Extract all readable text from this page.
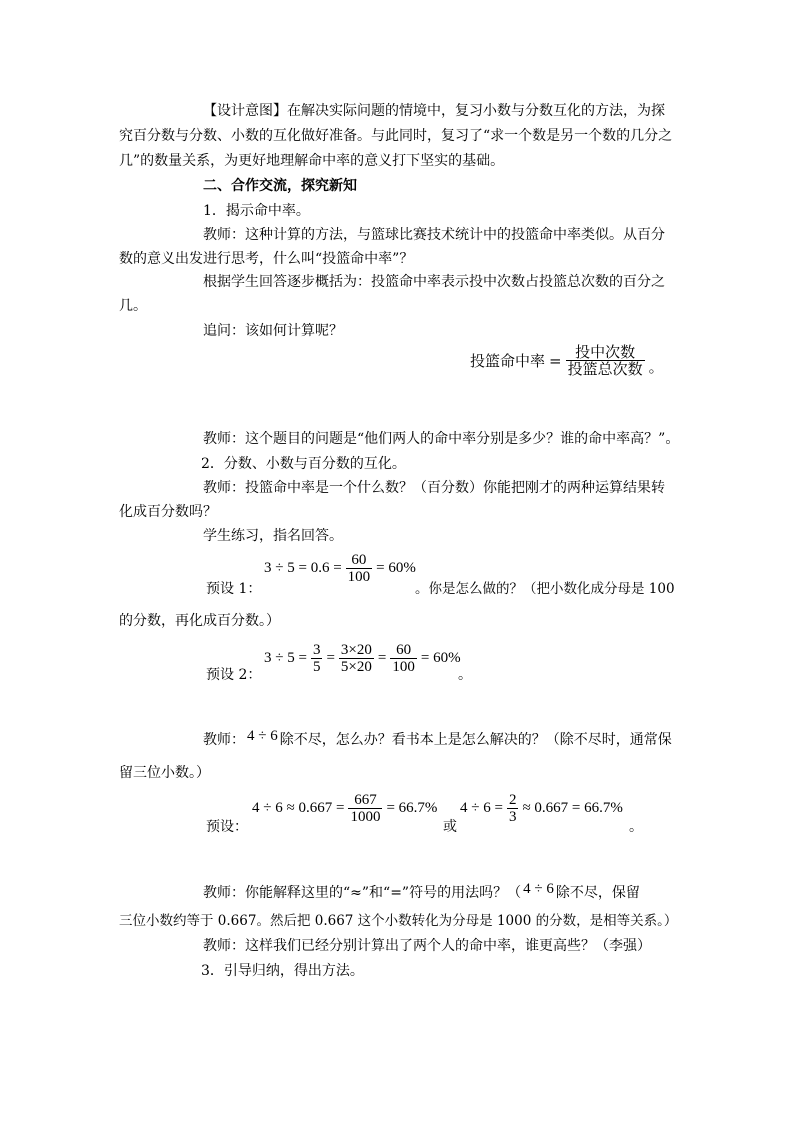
【设计意图】在解决实际问题的情境中，复习小数与分数互化的方法，为探
究百分数与分数、小数的互化做好准备。与此同时，复习了“求一个数是另一个数的几分之
几”的数量关系，为更好地理解命中率的意义打下坚实的基础。
二、合作交流，探究新知
1．揭示命中率。
教师：这种计算的方法，与篮球比赛技术统计中的投篮命中率类似。从百分
数的意义出发进行思考，什么叫“投篮命中率”？
根据学生回答逐步概括为：投篮命中率表示投中次数占投篮总次数的百分之
几。
追问：该如何计算呢？
投篮命中率 = $\frac{\text{投中次数}}{\text{投篮总次数}}$ 。
教师：这个题目的问题是“他们两人的命中率分别是多少？谁的命中率高？”。
2．分数、小数与百分数的互化。
教师：投篮命中率是一个什么数？（百分数）你能把刚才的两种运算结果转
化成百分数吗？
学生练习，指名回答。
预设 1：
$3 \div 5 = 0.6 = \frac{60}{100} = 60\%$
。你是怎么做的？（把小数化成分母是 100
的分数，再化成百分数。）
预设 2：
$3 \div 5 = \frac{3}{5} = \frac{3\times 20}{5\times 20} = \frac{60}{100} = 60\%$
。
教师： 4 ÷ 6 除不尽，怎么办？看书本上是怎么解决的？（除不尽时，通常保
留三位小数。）
预设：
$4 \div 6 \approx 0.667 = \frac{667}{1000} = 66.7\%$
或
$4 \div 6 = \frac{2}{3} \approx 0.667 = 66.7\%$
。
教师：你能解释这里的“≈”和“=”符号的用法吗？（ 4 ÷ 6 除不尽，保留
三位小数约等于 0.667。然后把 0.667 这个小数转化为分母是 1000 的分数，是相等关系。）
教师：这样我们已经分别计算出了两个人的命中率，谁更高些？（李强）
3．引导归纳，得出方法。
